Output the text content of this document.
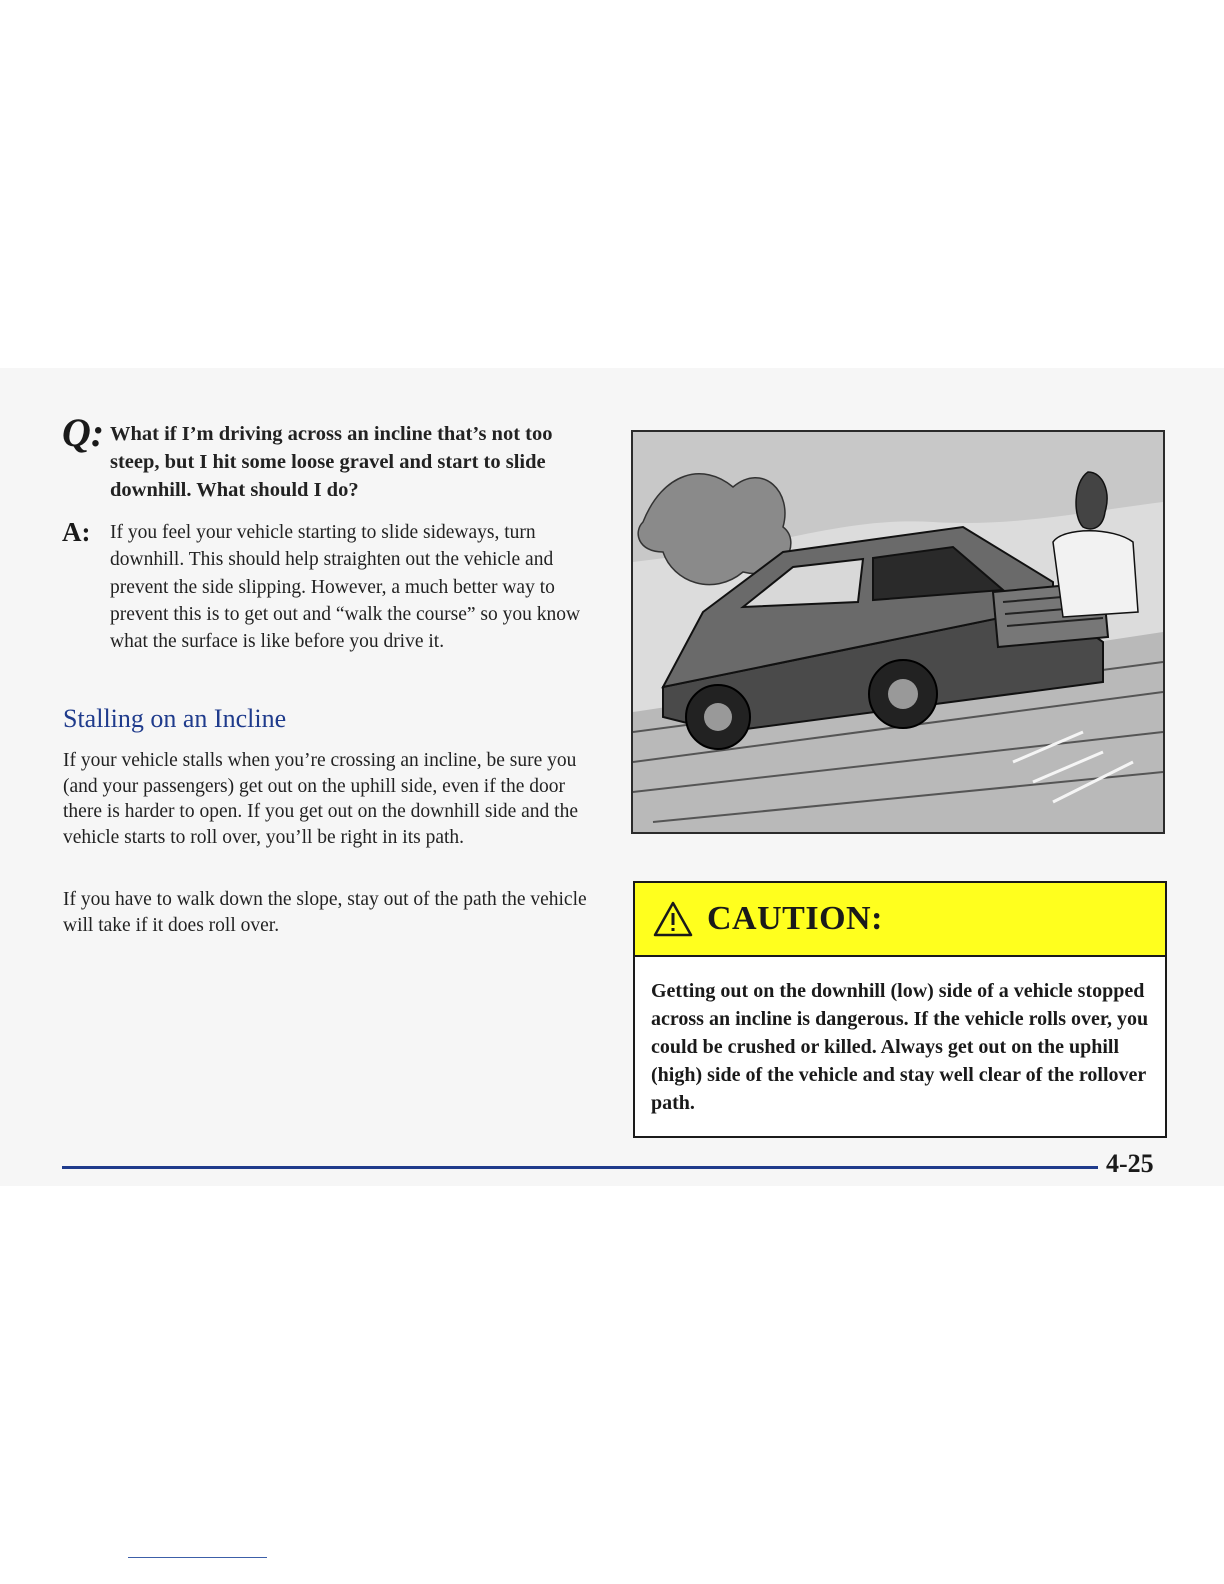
Q: What if I’m driving across an incline that’s not too steep, but I hit some loose gravel and start to slide downhill. What should I do?
A: If you feel your vehicle starting to slide sideways, turn downhill. This should help straighten out the vehicle and prevent the side slipping. However, a much better way to prevent this is to get out and “walk the course” so you know what the surface is like before you drive it.
Stalling on an Incline

If your vehicle stalls when you’re crossing an incline, be sure you (and your passengers) get out on the uphill side, even if the door there is harder to open. If you get out on the downhill side and the vehicle starts to roll over, you’ll be right in its path.

If you have to walk down the slope, stay out of the path the vehicle will take if it does roll over.	CAUTION:
Getting out on the downhill (low) side of a vehicle stopped across an incline is dangerous. If the vehicle rolls over, you could be crushed or killed. Always get out on the uphill (high) side of the vehicle and stay well clear of the rollover path.
4-25
